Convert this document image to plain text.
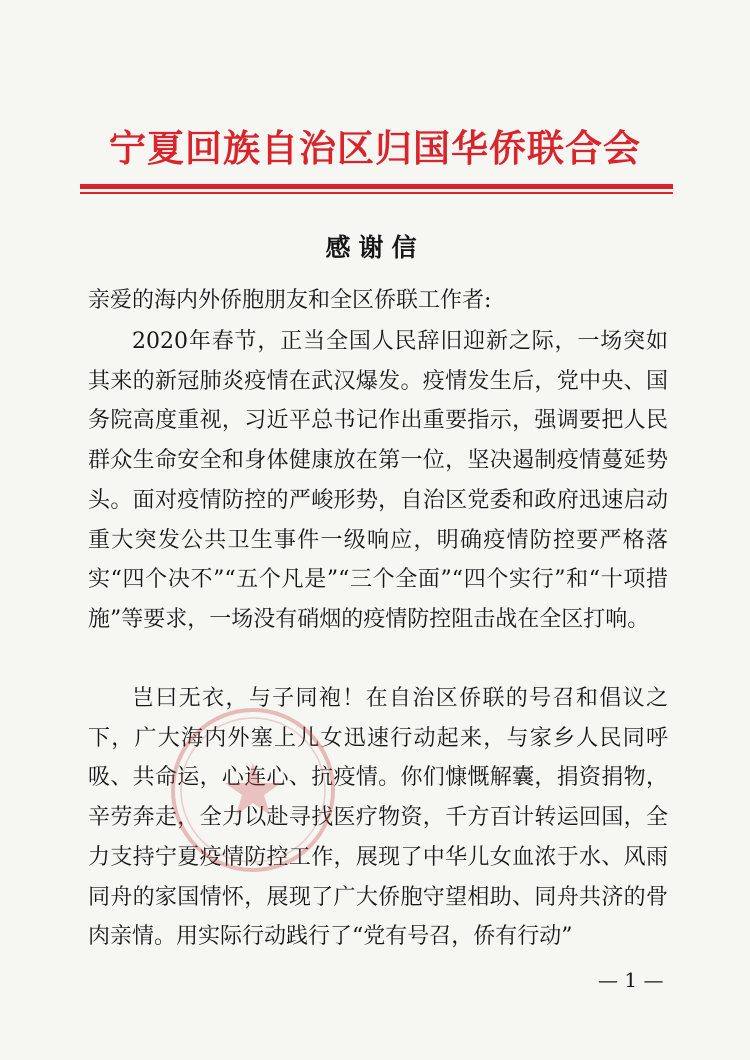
宁夏回族自治区归国华侨联合会
感谢信
亲爱的海内外侨胞朋友和全区侨联工作者:
2020年春节，正当全国人民辞旧迎新之际，一场突如其来的新冠肺炎疫情在武汉爆发。疫情发生后，党中央、国务院高度重视，习近平总书记作出重要指示，强调要把人民群众生命安全和身体健康放在第一位，坚决遏制疫情蔓延势头。面对疫情防控的严峻形势，自治区党委和政府迅速启动重大突发公共卫生事件一级响应，明确疫情防控要严格落实“四个决不”“五个凡是”“三个全面”“四个实行”和“十项措施”等要求，一场没有硝烟的疫情防控阻击战在全区打响。
岂曰无衣，与子同袍！在自治区侨联的号召和倡议之下，广大海内外塞上儿女迅速行动起来，与家乡人民同呼吸、共命运，心连心、抗疫情。你们慷慨解囊，捐资捐物，辛劳奔走，全力以赴寻找医疗物资，千方百计转运回国，全力支持宁夏疫情防控工作，展现了中华儿女血浓于水、风雨同舟的家国情怀，展现了广大侨胞守望相助、同舟共济的骨肉亲情。用实际行动践行了“党有号召，侨有行动”
— 1 —
